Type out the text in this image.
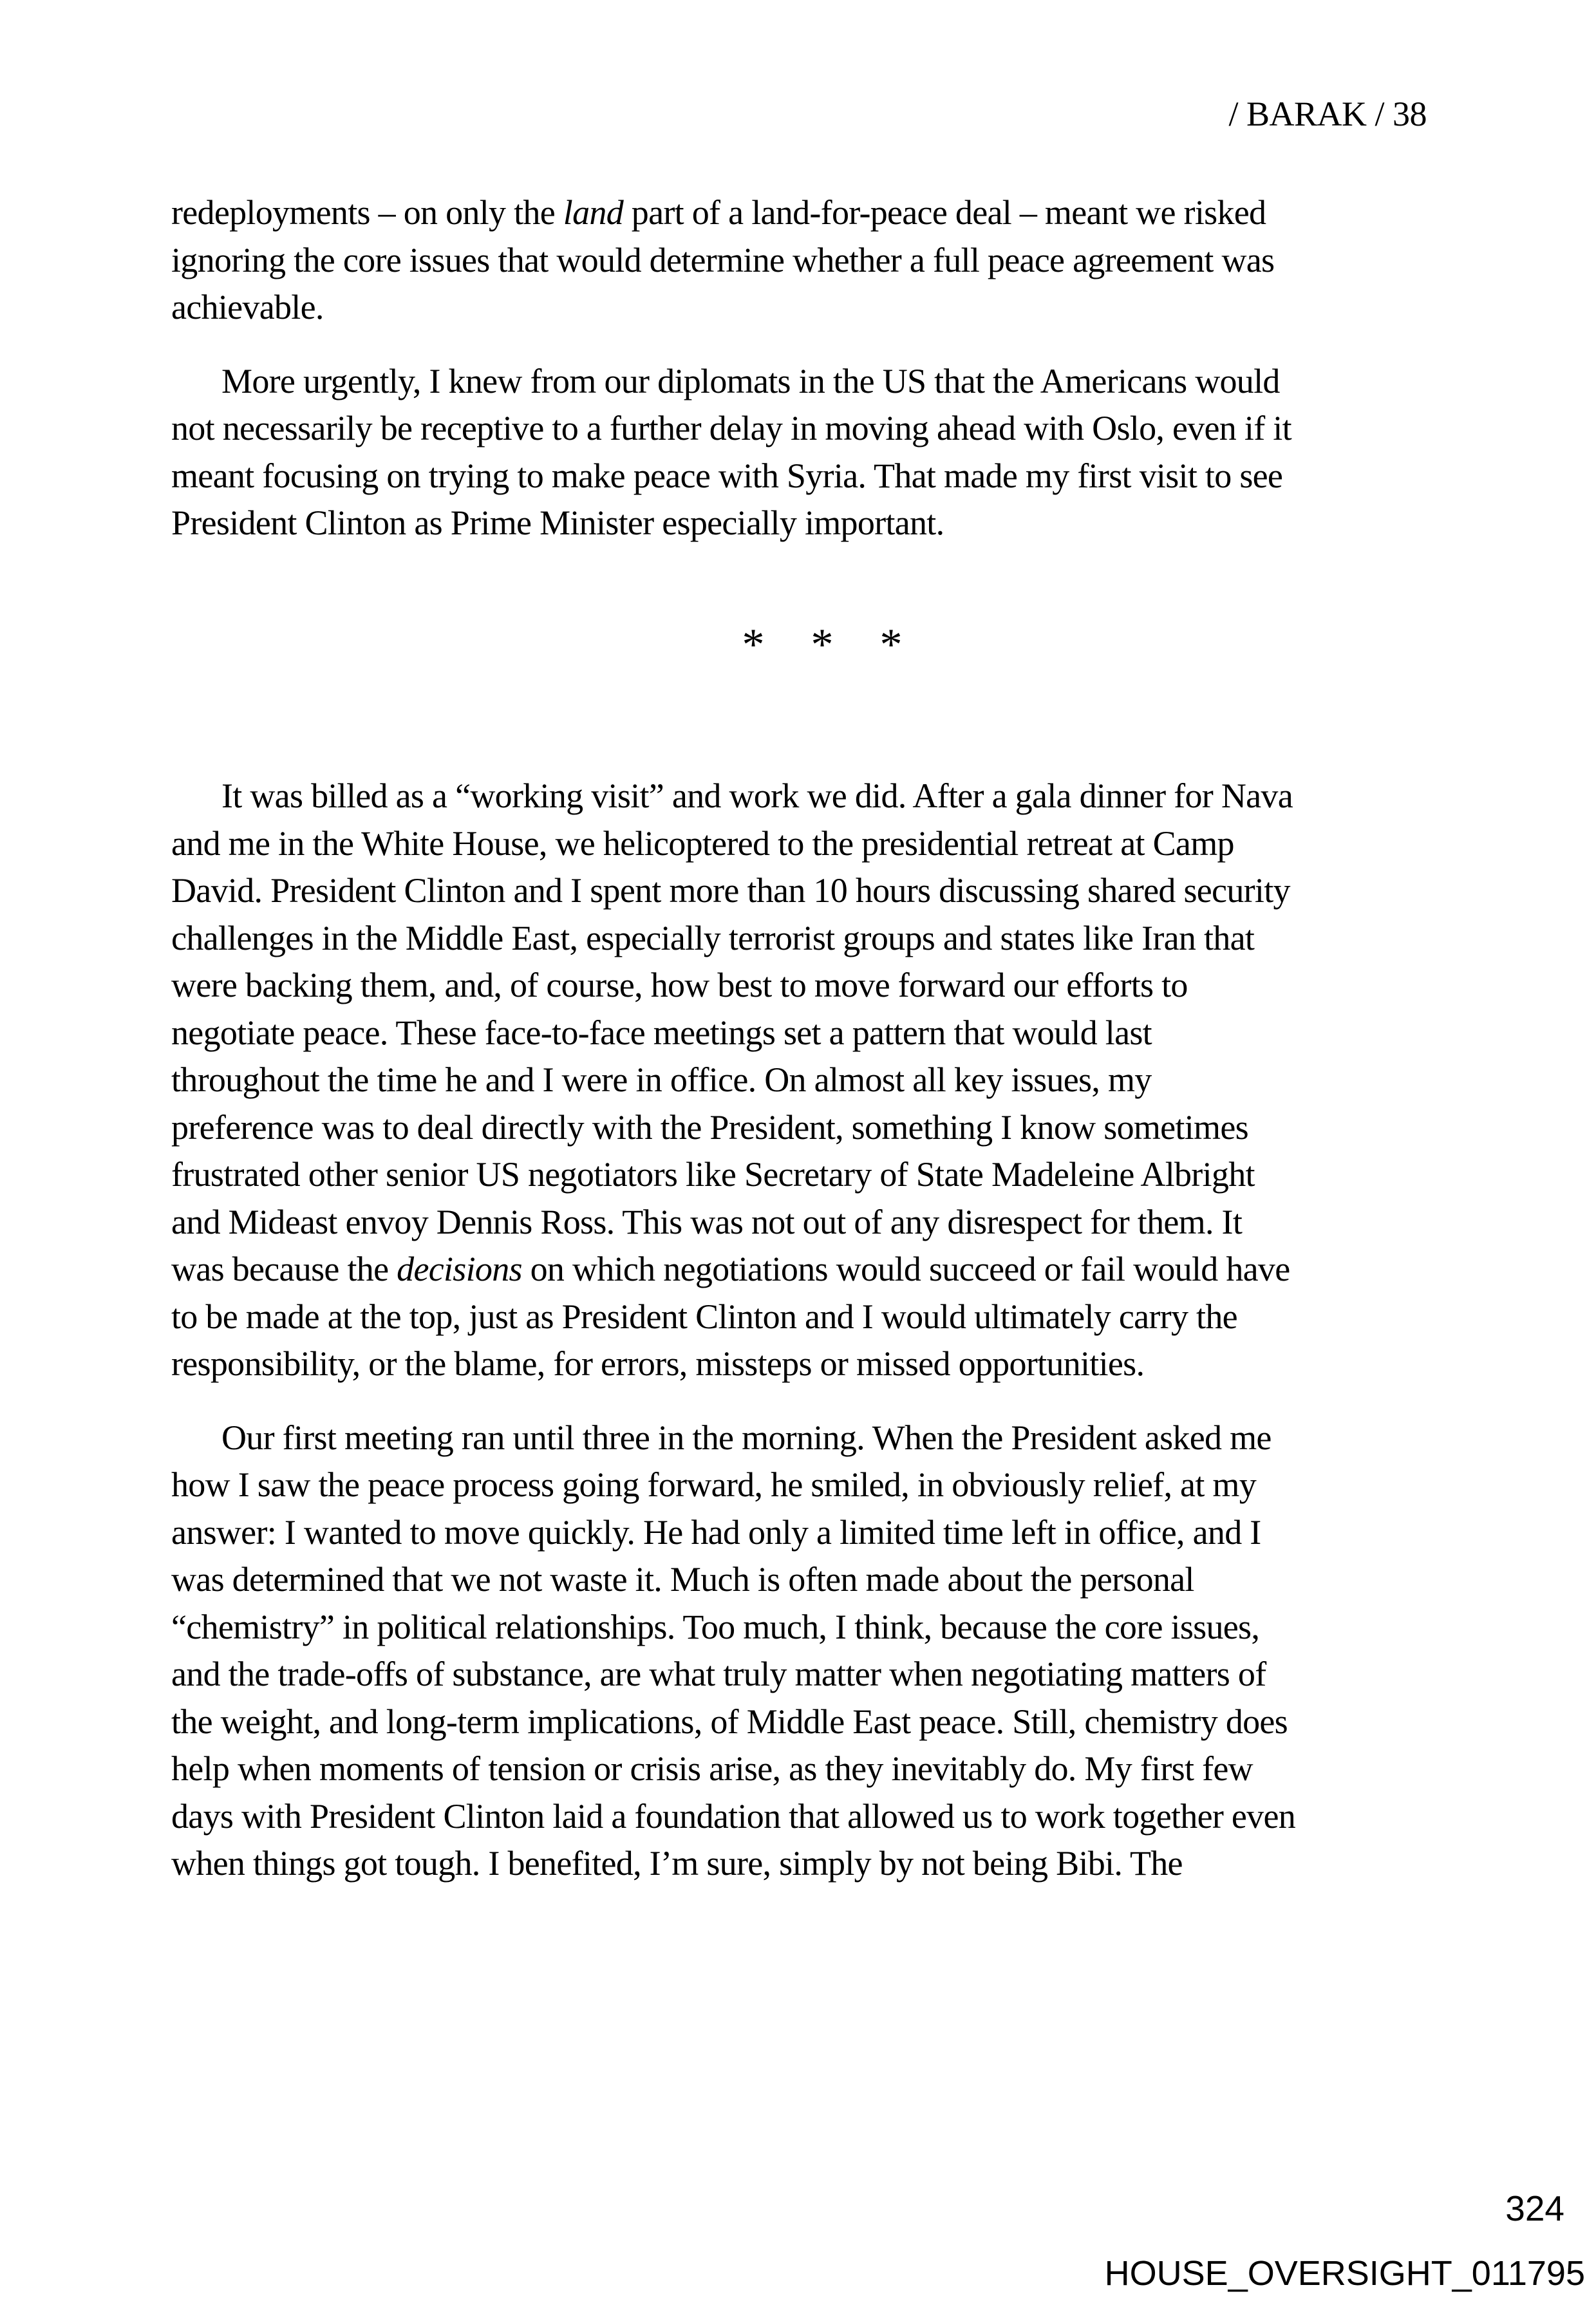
/ BARAK / 38
redeployments – on only the land part of a land-for-peace deal – meant we risked
ignoring the core issues that would determine whether a full peace agreement was
achievable.
More urgently, I knew from our diplomats in the US that the Americans would
not necessarily be receptive to a further delay in moving ahead with Oslo, even if it
meant focusing on trying to make peace with Syria. That made my first visit to see
President Clinton as Prime Minister especially important.
* * *
It was billed as a “working visit” and work we did. After a gala dinner for Nava
and me in the White House, we helicoptered to the presidential retreat at Camp
David. President Clinton and I spent more than 10 hours discussing shared security
challenges in the Middle East, especially terrorist groups and states like Iran that
were backing them, and, of course, how best to move forward our efforts to
negotiate peace. These face-to-face meetings set a pattern that would last
throughout the time he and I were in office. On almost all key issues, my
preference was to deal directly with the President, something I know sometimes
frustrated other senior US negotiators like Secretary of State Madeleine Albright
and Mideast envoy Dennis Ross. This was not out of any disrespect for them. It
was because the decisions on which negotiations would succeed or fail would have
to be made at the top, just as President Clinton and I would ultimately carry the
responsibility, or the blame, for errors, missteps or missed opportunities.
Our first meeting ran until three in the morning. When the President asked me
how I saw the peace process going forward, he smiled, in obviously relief, at my
answer: I wanted to move quickly. He had only a limited time left in office, and I
was determined that we not waste it. Much is often made about the personal
“chemistry” in political relationships. Too much, I think, because the core issues,
and the trade-offs of substance, are what truly matter when negotiating matters of
the weight, and long-term implications, of Middle East peace. Still, chemistry does
help when moments of tension or crisis arise, as they inevitably do. My first few
days with President Clinton laid a foundation that allowed us to work together even
when things got tough. I benefited, I’m sure, simply by not being Bibi. The
324
HOUSE_OVERSIGHT_011795
